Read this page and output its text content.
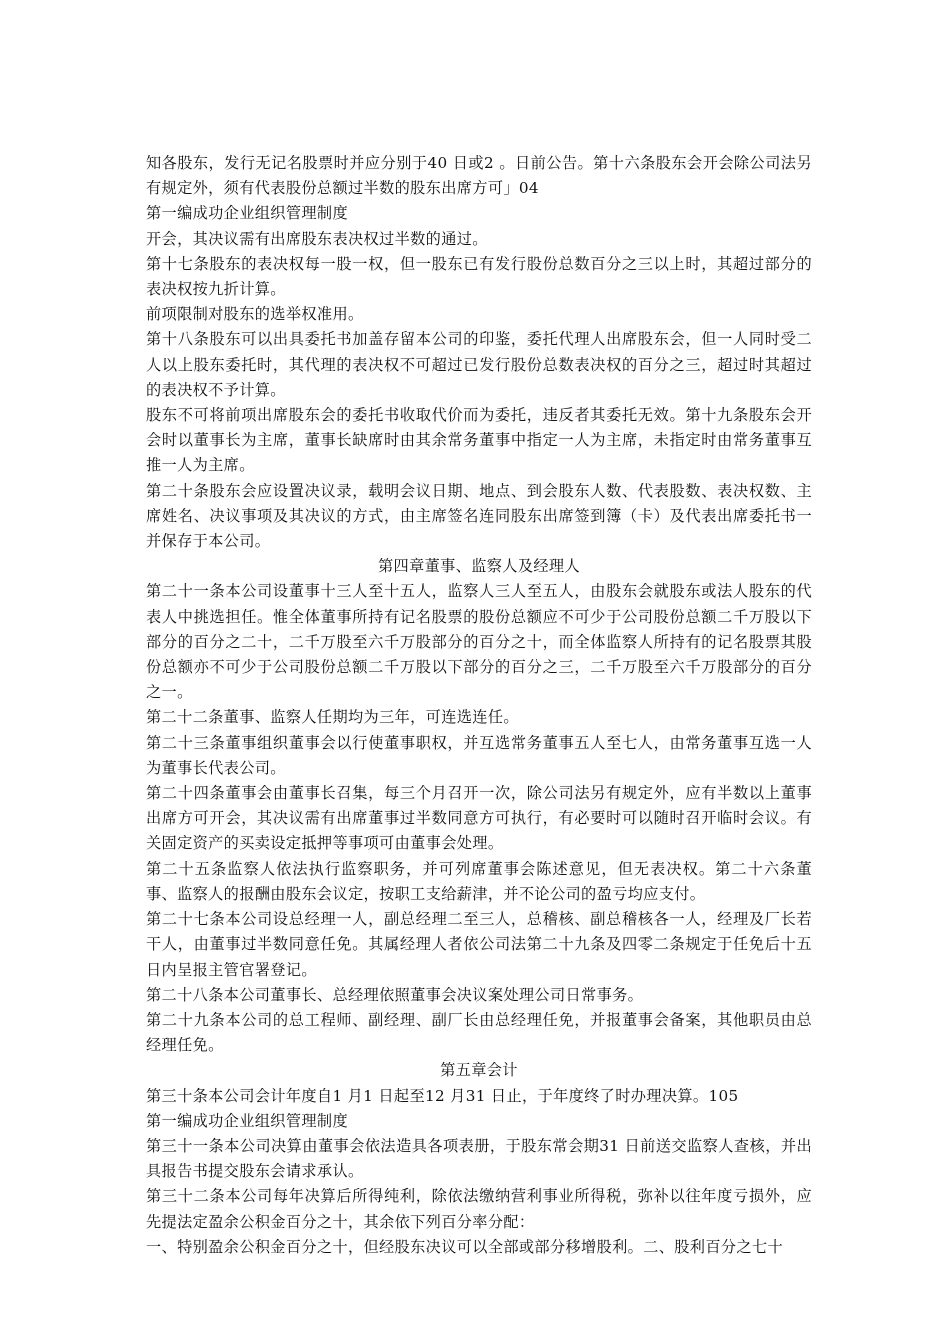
知各股东，发行无记名股票时并应分别于40 日或2 。日前公告。第十六条股东会开会除公司法另有规定外，须有代表股份总额过半数的股东出席方可」04

第一编成功企业组织管理制度

开会，其决议需有出席股东表决权过半数的通过。

第十七条股东的表决权每一股一权，但一股东已有发行股份总数百分之三以上时，其超过部分的表决权按九折计算。

前项限制对股东的选举权准用。

第十八条股东可以出具委托书加盖存留本公司的印鉴，委托代理人出席股东会，但一人同时受二人以上股东委托时，其代理的表决权不可超过已发行股份总数表决权的百分之三，超过时其超过的表决权不予计算。

股东不可将前项出席股东会的委托书收取代价而为委托，违反者其委托无效。第十九条股东会开会时以董事长为主席，董事长缺席时由其余常务董事中指定一人为主席，未指定时由常务董事互推一人为主席。

第二十条股东会应设置决议录，载明会议日期、地点、到会股东人数、代表股数、表决权数、主席姓名、决议事项及其决议的方式，由主席签名连同股东出席签到簿（卡）及代表出席委托书一并保存于本公司。

第四章董事、监察人及经理人

第二十一条本公司设董事十三人至十五人，监察人三人至五人，由股东会就股东或法人股东的代表人中挑选担任。惟全体董事所持有记名股票的股份总额应不可少于公司股份总额二千万股以下部分的百分之二十，二千万股至六千万股部分的百分之十，而全体监察人所持有的记名股票其股份总额亦不可少于公司股份总额二千万股以下部分的百分之三，二千万股至六千万股部分的百分之一。

第二十二条董事、监察人任期均为三年，可连选连任。

第二十三条董事组织董事会以行使董事职权，并互选常务董事五人至七人，由常务董事互选一人为董事长代表公司。

第二十四条董事会由董事长召集，每三个月召开一次，除公司法另有规定外，应有半数以上董事出席方可开会，其决议需有出席董事过半数同意方可执行，有必要时可以随时召开临时会议。有关固定资产的买卖设定抵押等事项可由董事会处理。

第二十五条监察人依法执行监察职务，并可列席董事会陈述意见，但无表决权。第二十六条董事、监察人的报酬由股东会议定，按职工支给薪津，并不论公司的盈亏均应支付。

第二十七条本公司设总经理一人，副总经理二至三人，总稽核、副总稽核各一人，经理及厂长若干人，由董事过半数同意任免。其属经理人者依公司法第二十九条及四零二条规定于任免后十五日内呈报主管官署登记。

第二十八条本公司董事长、总经理依照董事会决议案处理公司日常事务。

第二十九条本公司的总工程师、副经理、副厂长由总经理任免，并报董事会备案，其他职员由总经理任免。

第五章会计

第三十条本公司会计年度自1 月1 日起至12 月31 日止，于年度终了时办理决算。105

第一编成功企业组织管理制度

第三十一条本公司决算由董事会依法造具各项表册，于股东常会期31 日前送交监察人查核，并出具报告书提交股东会请求承认。

第三十二条本公司每年决算后所得纯利，除依法缴纳营利事业所得税，弥补以往年度亏损外，应先提法定盈余公积金百分之十，其余依下列百分率分配：

一、特别盈余公积金百分之十，但经股东决议可以全部或部分移增股利。二、股利百分之七十
